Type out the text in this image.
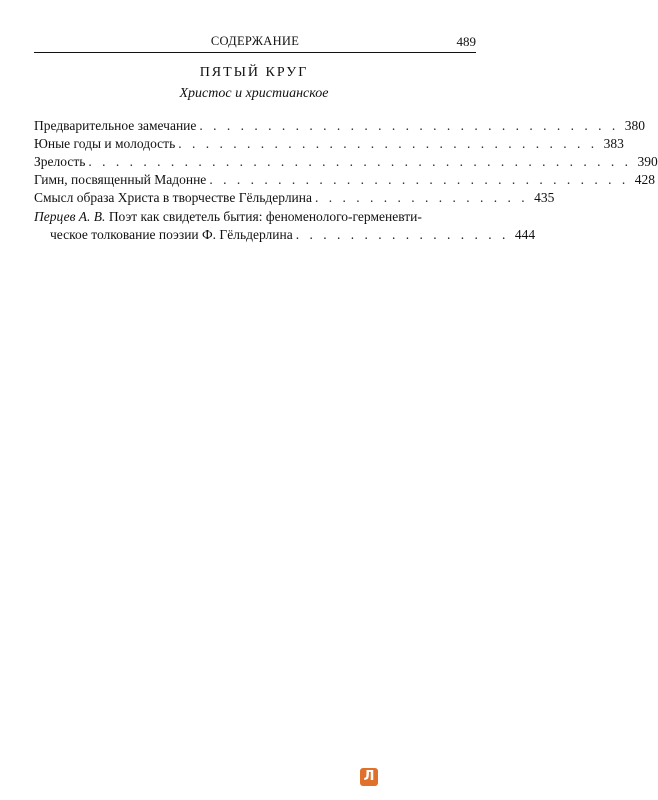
СОДЕРЖАНИЕ	489
ПЯТЫЙ КРУГ
Христос и христианское
Предварительное замечание . . . . . . . . . . . . . . . . . . . . . . . . . . . . . . . 380
Юные годы и молодость . . . . . . . . . . . . . . . . . . . . . . . . . . . . . . . 383
Зрелость . . . . . . . . . . . . . . . . . . . . . . . . . . . . . . . . . . . . . . . . 390
Гимн, посвященный Мадонне . . . . . . . . . . . . . . . . . . . . . . . . . . . . . . . 428
Смысл образа Христа в творчестве Гёльдерлина . . . . . . . . . . . . . . . . 435
Перцев А. В. Поэт как свидетель бытия: феноменолого-герменевти-
ческое толкование поэзии Ф. Гёльдерлина . . . . . . . . . . . . . . . . 444
Л
